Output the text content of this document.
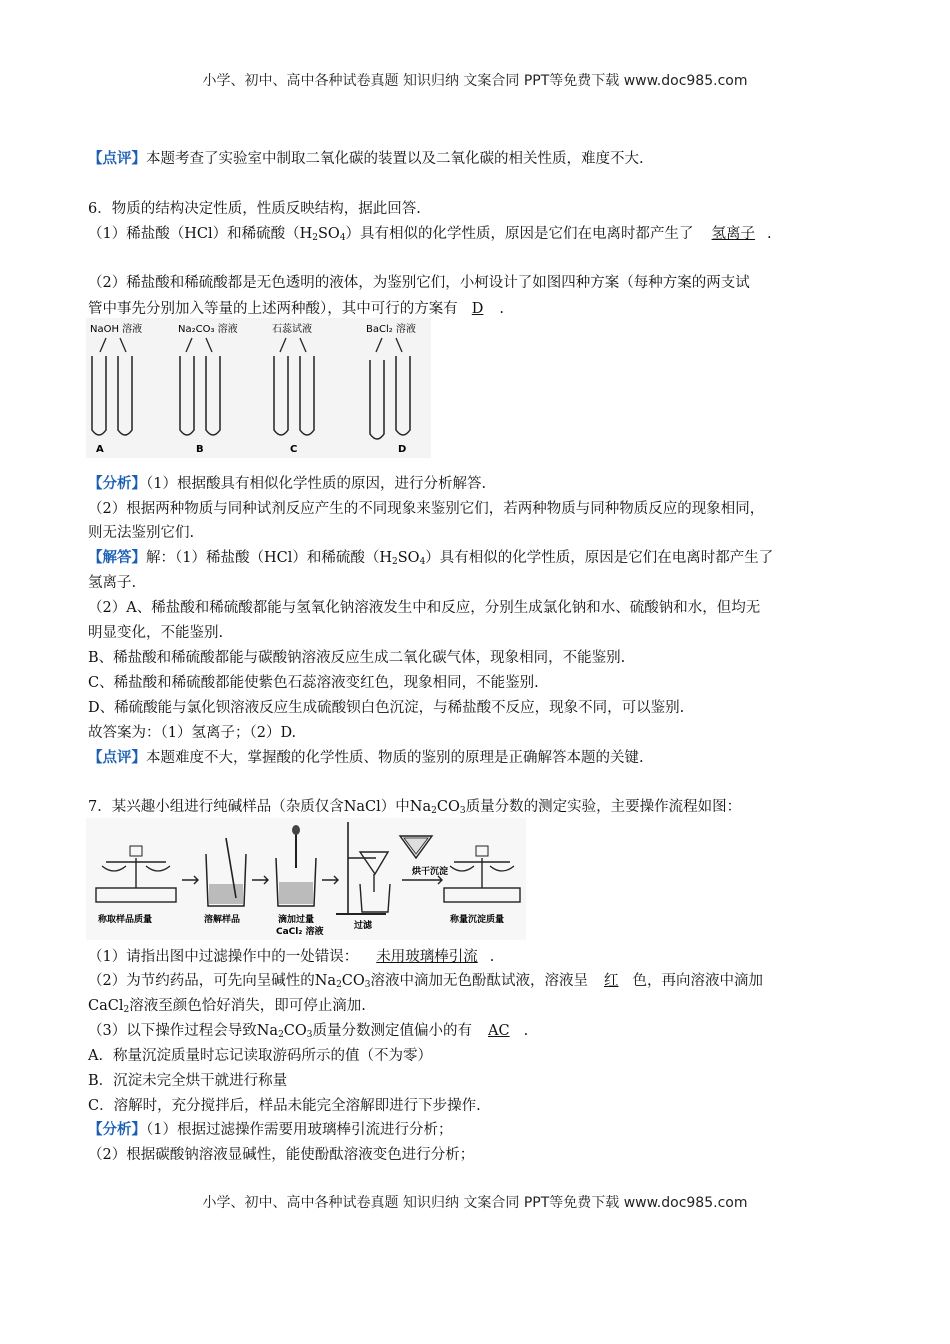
小学、初中、高中各种试卷真题 知识归纳 文案合同 PPT等免费下载 www.doc985.com
【点评】本题考查了实验室中制取二氧化碳的装置以及二氧化碳的相关性质，难度不大.
6．物质的结构决定性质，性质反映结构，据此回答.
（1）稀盐酸（HCl）和稀硫酸$(H_2SO_4)$具有相似的化学性质，原因是它们在电离时都产生了 氢离子 .
（2）稀盐酸和稀硫酸都是无色透明的液体，为鉴别它们，小柯设计了如图四种方案（每种方案的两支试
管中事先分别加入等量的上述两种酸），其中可行的方案有 D .
NaOH 溶液
A
Na₂CO₃ 溶液
B
石蕊试液
C
BaCl₂ 溶液
D
【分析】（1）根据酸具有相似化学性质的原因，进行分析解答.
（2）根据两种物质与同种试剂反应产生的不同现象来鉴别它们，若两种物质与同种物质反应的现象相同，
则无法鉴别它们.
【解答】解：（1）稀盐酸（HCl）和稀硫酸$(H_2SO_4)$具有相似的化学性质，原因是它们在电离时都产生了
氢离子.
（2）A、稀盐酸和稀硫酸都能与氢氧化钠溶液发生中和反应，分别生成氯化钠和水、硫酸钠和水，但均无
明显变化，不能鉴别.
B、稀盐酸和稀硫酸都能与碳酸钠溶液反应生成二氧化碳气体，现象相同，不能鉴别.
C、稀盐酸和稀硫酸都能使紫色石蕊溶液变红色，现象相同，不能鉴别.
D、稀硫酸能与氯化钡溶液反应生成硫酸钡白色沉淀，与稀盐酸不反应，现象不同，可以鉴别.
故答案为：（1）氢离子；（2）D.
【点评】本题难度不大，掌握酸的化学性质、物质的鉴别的原理是正确解答本题的关键.
7．某兴趣小组进行纯碱样品（杂质仅含NaCl）中$Na_2CO_3$质量分数的测定实验，主要操作流程如图：
称取样品质量	溶解样品	滴加过量
CaCl₂ 溶液
过滤
烘干沉淀
称量沉淀质量
（1）请指出图中过滤操作中的一处错误： 未用玻璃棒引流 .
（2）为节约药品，可先向呈碱性的$Na_2CO_3$溶液中滴加无色酚酞试液，溶液呈 红 色，再向溶液中滴加
CaCl$_2$溶液至颜色恰好消失，即可停止滴加.
（3）以下操作过程会导致$Na_2CO_3$质量分数测定值偏小的有 AC .
A．称量沉淀质量时忘记读取游码所示的值（不为零）
B．沉淀未完全烘干就进行称量
C．溶解时，充分搅拌后，样品未能完全溶解即进行下步操作.
【分析】（1）根据过滤操作需要用玻璃棒引流进行分析；
（2）根据碳酸钠溶液显碱性，能使酚酞溶液变色进行分析；
小学、初中、高中各种试卷真题 知识归纳 文案合同 PPT等免费下载 www.doc985.com
